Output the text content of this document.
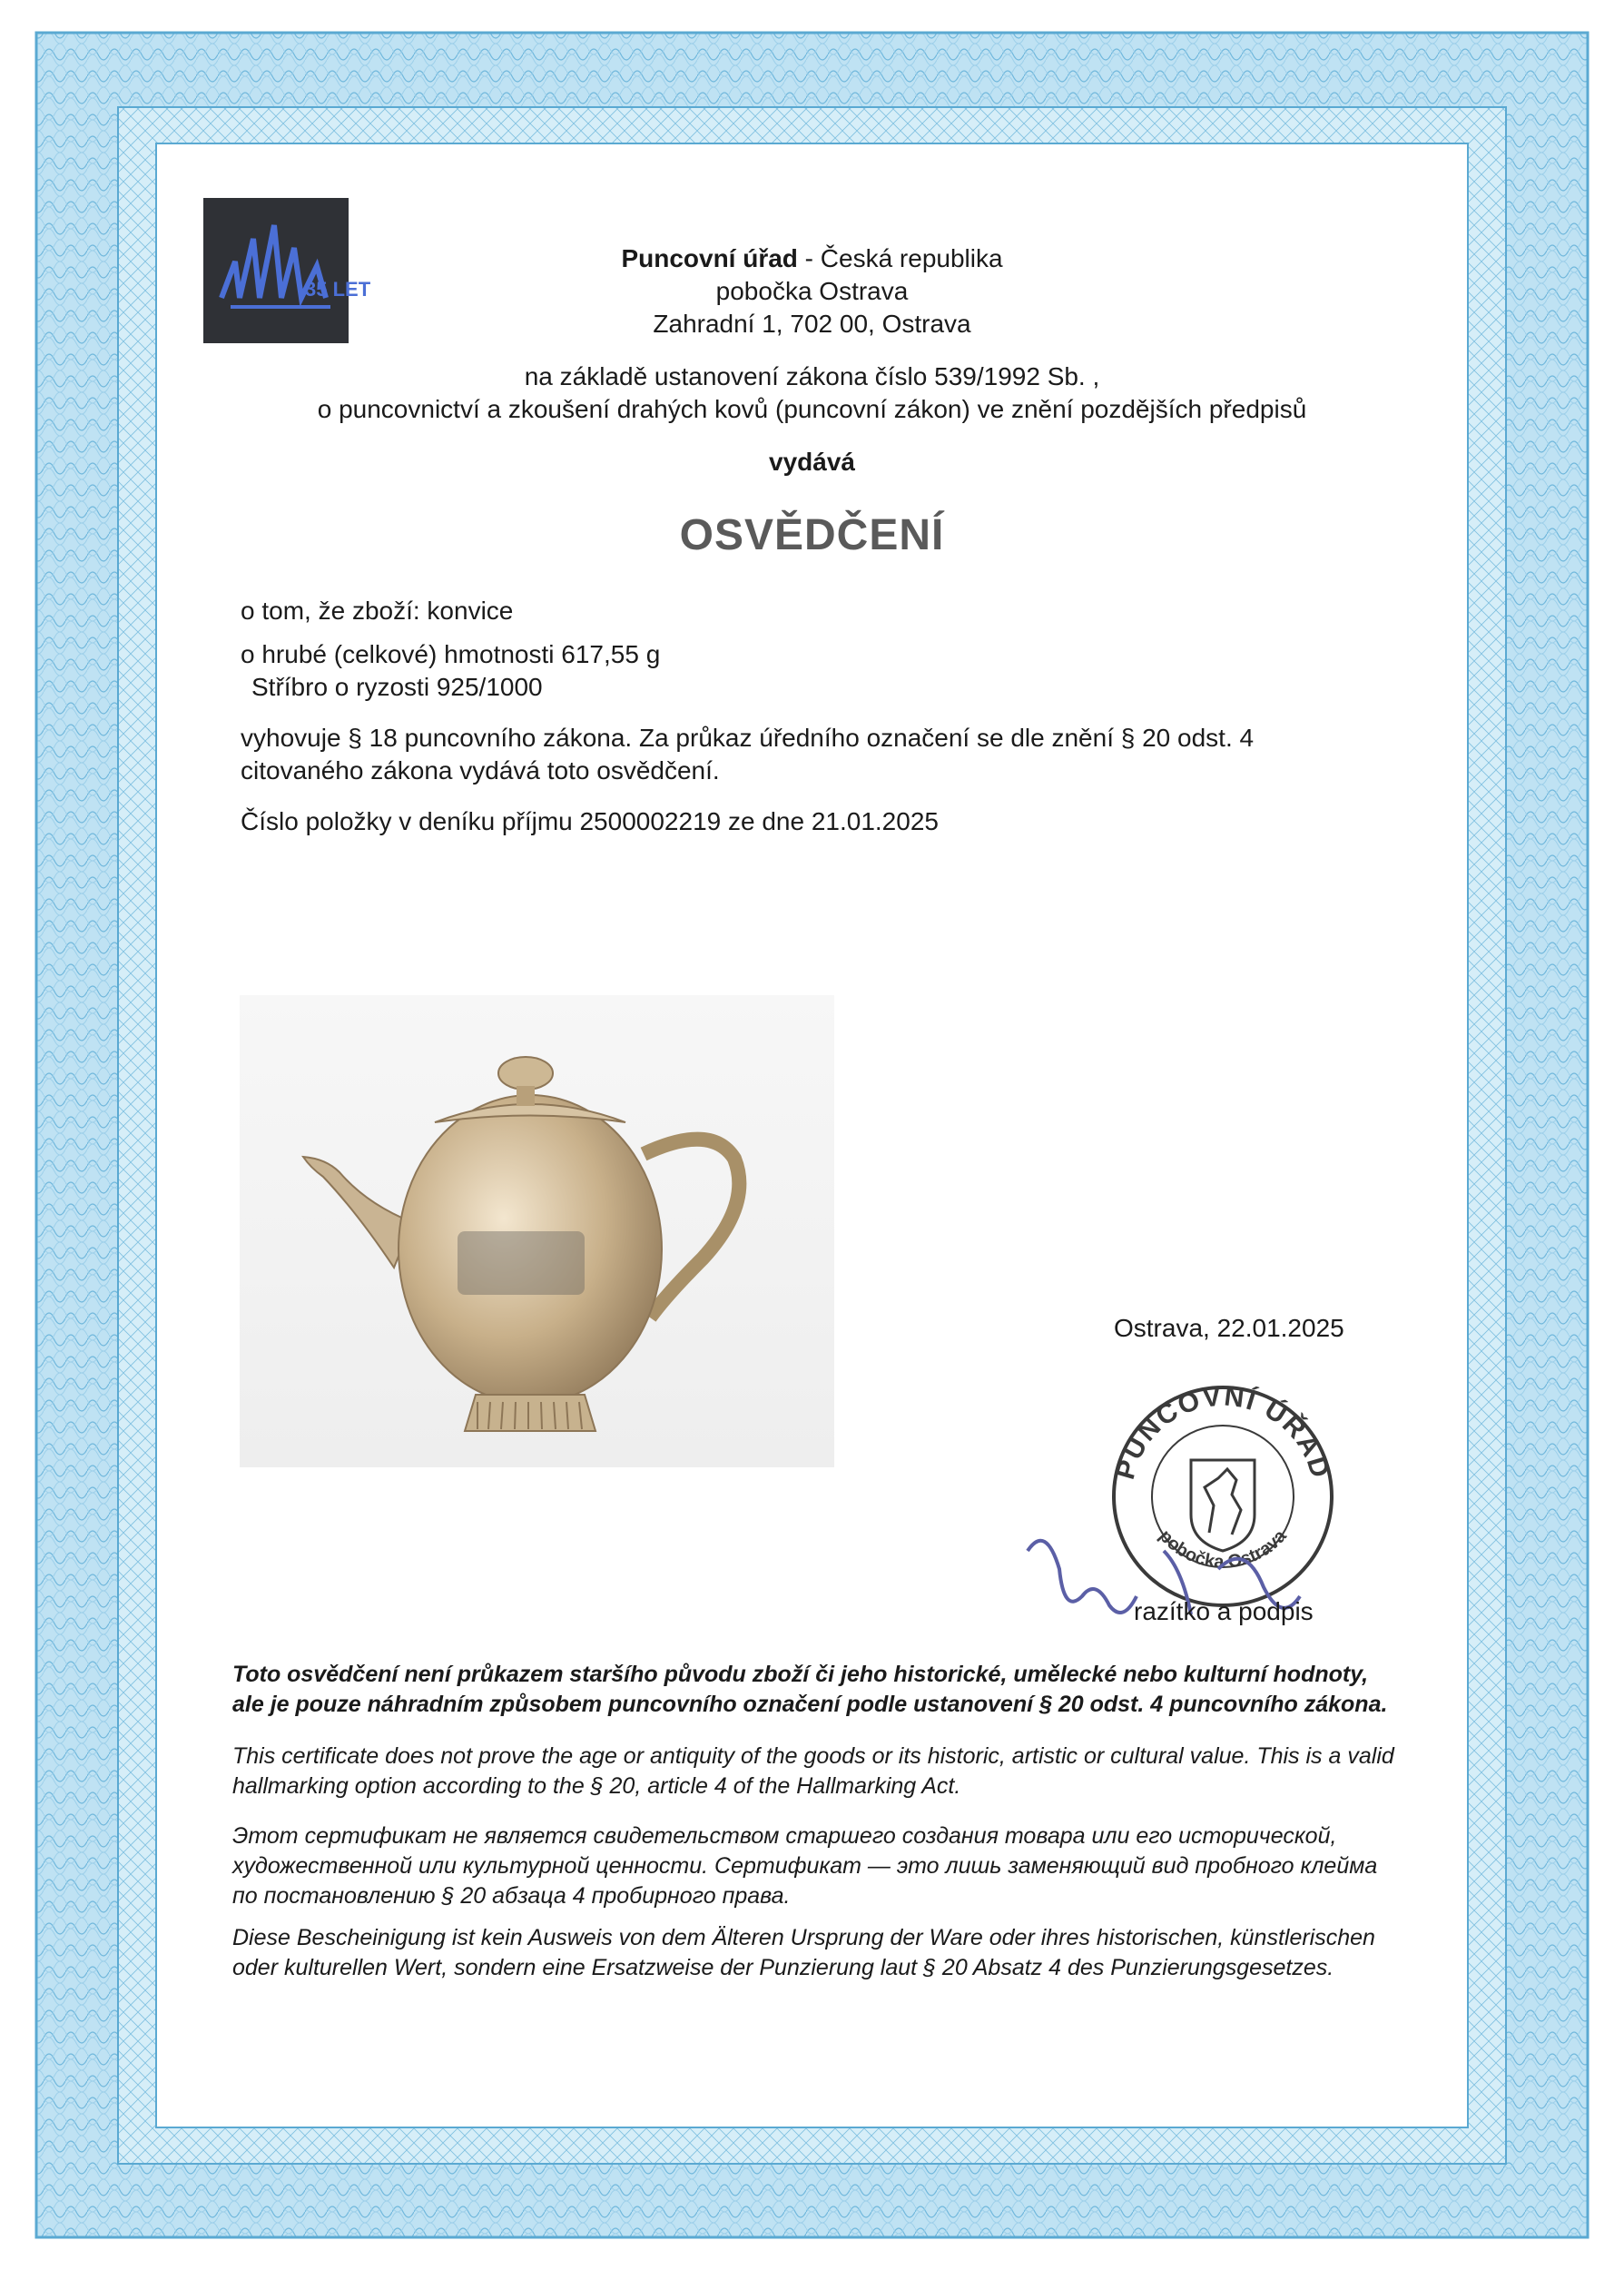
35 LET
Puncovní úřad - Česká republika
pobočka Ostrava
Zahradní 1, 702 00, Ostrava
na základě ustanovení zákona číslo 539/1992 Sb. ,
o puncovnictví a zkoušení drahých kovů (puncovní zákon) ve znění pozdějších předpisů
vydává
OSVĚDČENÍ
o tom, že zboží: konvice
o hrubé (celkové) hmotnosti 617,55 g
Stříbro o ryzosti 925/1000
vyhovuje § 18 puncovního zákona. Za průkaz úředního označení se dle znění § 20 odst. 4
citovaného zákona vydává toto osvědčení.
Číslo položky v deníku příjmu 2500002219 ze dne 21.01.2025
Ostrava, 22.01.2025
PUNCOVNÍ ÚŘAD
pobočka Ostrava
razítko a podpis
Toto osvědčení není průkazem staršího původu zboží či jeho historické, umělecké nebo kulturní hodnoty, ale je pouze náhradním způsobem puncovního označení podle ustanovení § 20 odst. 4 puncovního zákona.
This certificate does not prove the age or antiquity of the goods or its historic, artistic or cultural value. This is a valid hallmarking option according to the § 20, article 4 of the Hallmarking Act.
Этот сертификат не является свидетельством старшего создания товара или его исторической, художественной или культурной ценности. Сертификат — это лишь заменяющий вид пробного клейма по постановлению § 20 абзаца 4 пробирного права.
Diese Bescheinigung ist kein Ausweis von dem Älteren Ursprung der Ware oder ihres historischen, künstlerischen oder kulturellen Wert, sondern eine Ersatzweise der Punzierung laut § 20 Absatz 4 des Punzierungsgesetzes.
